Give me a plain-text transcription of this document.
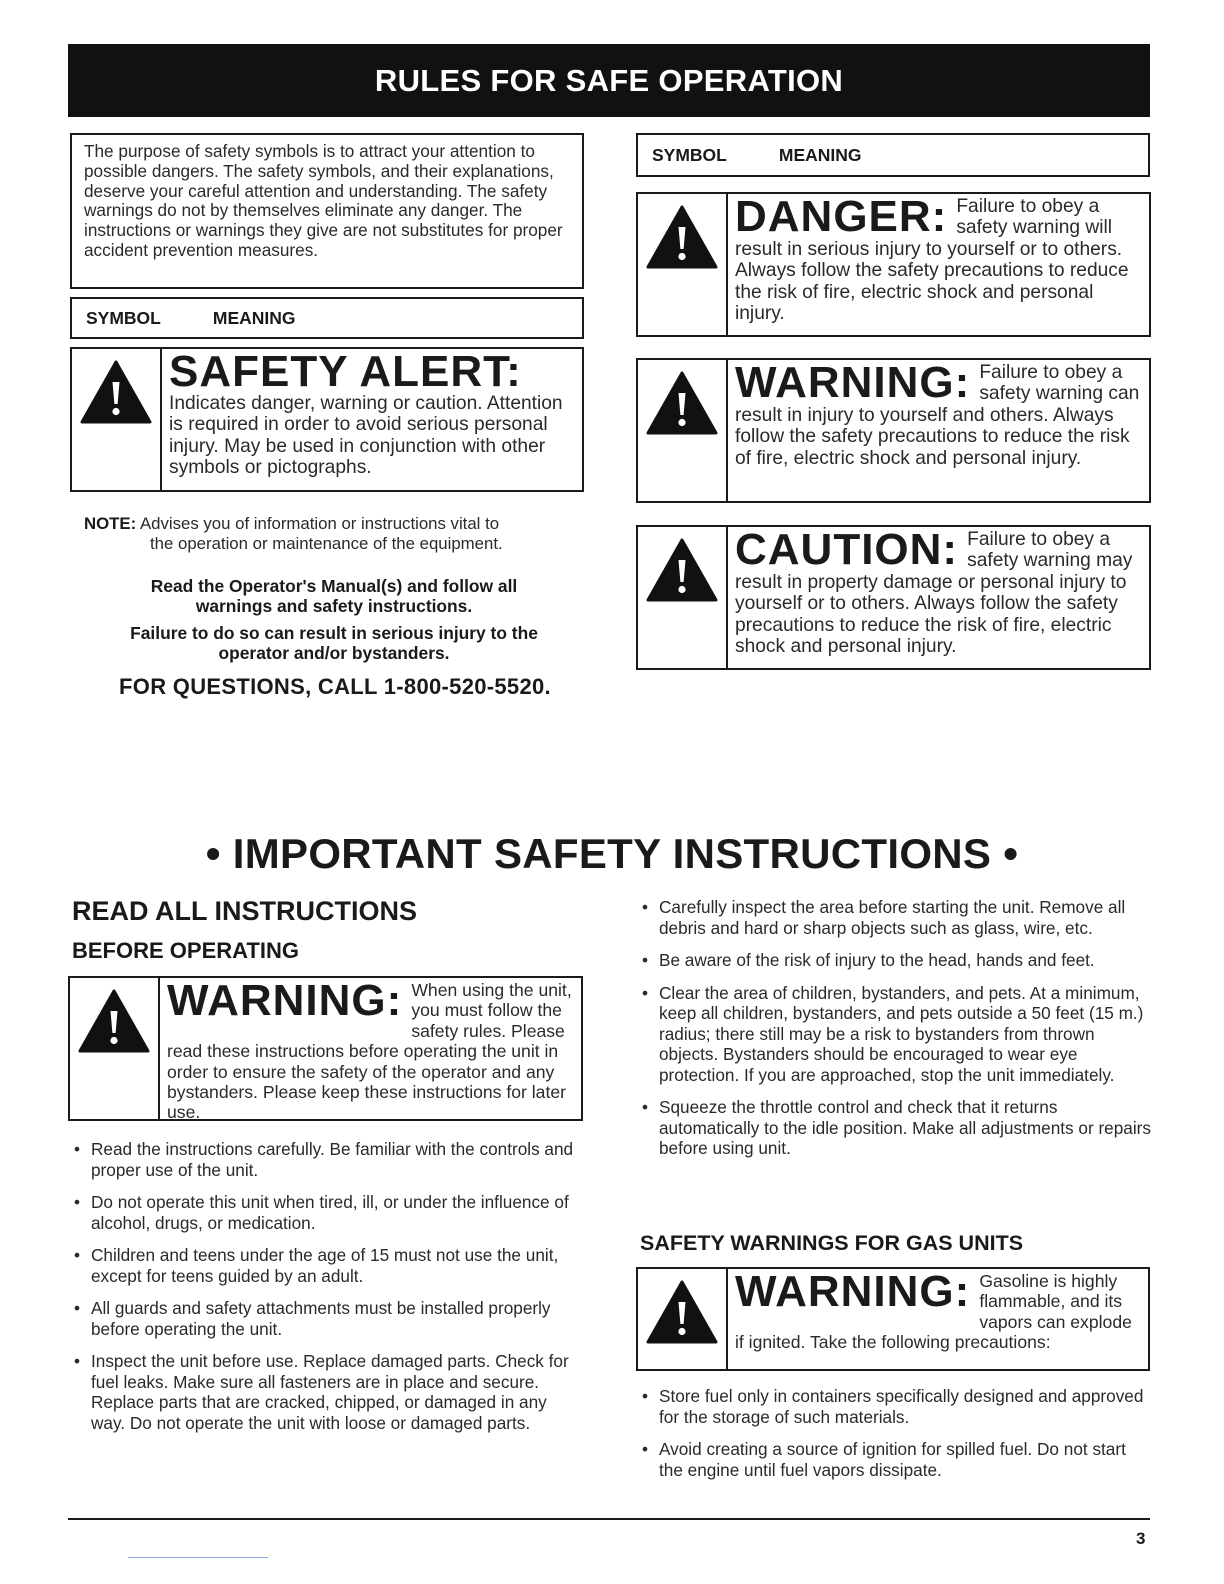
RULES FOR SAFE OPERATION
The purpose of safety symbols is to attract your attention to possible dangers. The safety symbols, and their explanations, deserve your careful attention and understanding. The safety warnings do not by themselves eliminate any danger. The instructions or warnings they give are not substitutes for proper accident prevention measures.
SYMBOL	MEANING
SAFETY ALERT:
Indicates danger, warning or caution. Attention is required in order to avoid serious personal injury. May be used in conjunction with other symbols or pictographs.
NOTE: Advises you of information or instructions vital to
the operation or maintenance of the equipment.
Read the Operator's Manual(s) and follow all
warnings and safety instructions.
Failure to do so can result in serious injury to the
operator and/or bystanders.
FOR QUESTIONS, CALL 1-800-520-5520.
SYMBOL	MEANING
DANGER: Failure to obey a safety warning will result in serious injury to yourself or to others. Always follow the safety precautions to reduce the risk of fire, electric shock and personal injury.
WARNING: Failure to obey a safety warning can result in injury to yourself and others. Always follow the safety precautions to reduce the risk of fire, electric shock and personal injury.
CAUTION: Failure to obey a safety warning may result in property damage or personal injury to yourself or to others. Always follow the safety precautions to reduce the risk of fire, electric shock and personal injury.
• IMPORTANT SAFETY INSTRUCTIONS •
READ ALL INSTRUCTIONS
BEFORE OPERATING
WARNING: When using the unit, you must follow the safety rules. Please read these instructions before operating the unit in order to ensure the safety of the operator and any bystanders. Please keep these instructions for later use.
• Read the instructions carefully. Be familiar with the controls and proper use of the unit.
• Do not operate this unit when tired, ill, or under the influence of alcohol, drugs, or medication.
• Children and teens under the age of 15 must not use the unit, except for teens guided by an adult.
• All guards and safety attachments must be installed properly before operating the unit.
• Inspect the unit before use. Replace damaged parts. Check for fuel leaks. Make sure all fasteners are in place and secure. Replace parts that are cracked, chipped, or damaged in any way. Do not operate the unit with loose or damaged parts.
• Carefully inspect the area before starting the unit. Remove all debris and hard or sharp objects such as glass, wire, etc.
• Be aware of the risk of injury to the head, hands and feet.
• Clear the area of children, bystanders, and pets. At a minimum, keep all children, bystanders, and pets outside a 50 feet (15 m.) radius; there still may be a risk to bystanders from thrown objects. Bystanders should be encouraged to wear eye protection. If you are approached, stop the unit immediately.
• Squeeze the throttle control and check that it returns automatically to the idle position. Make all adjustments or repairs before using unit.
SAFETY WARNINGS FOR GAS UNITS
WARNING: Gasoline is highly flammable, and its vapors can explode if ignited. Take the following precautions:
• Store fuel only in containers specifically designed and approved for the storage of such materials.
• Avoid creating a source of ignition for spilled fuel. Do not start the engine until fuel vapors dissipate.
3
